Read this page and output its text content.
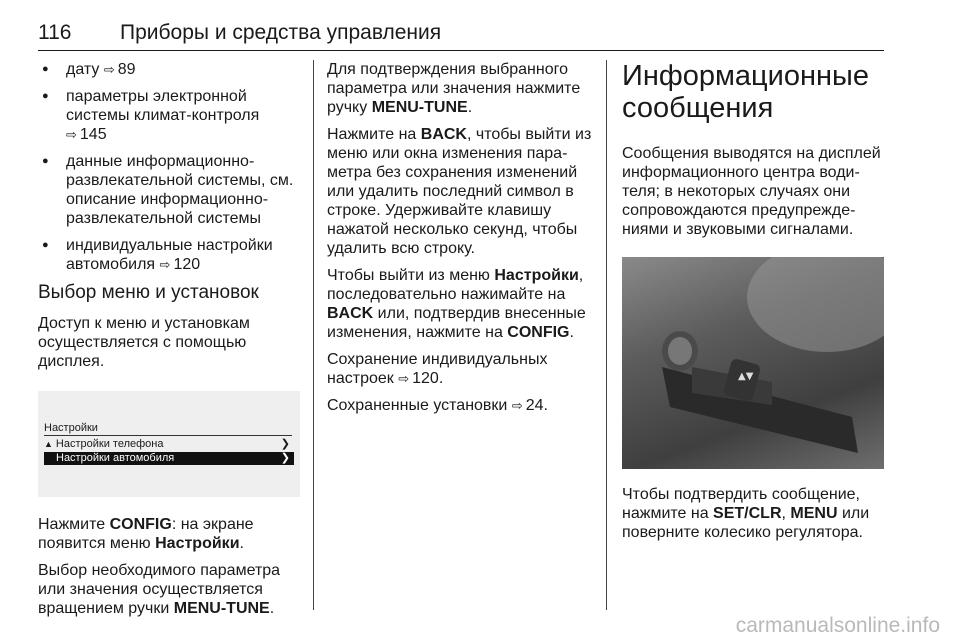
116 Приборы и средства управления
● дату ⇨ 89
● параметры электронной системы климат-контроля
⇨ 145
● данные информационно-развлекательной системы, см. описание информационно-развлекательной системы
● индивидуальные настройки автомобиля ⇨ 120
Выбор меню и установок

Доступ к меню и установкам осуществляется с помощью дисплея.

Настройки
▲ Настройки телефона	❯
Настройки автомобиля	❯

Нажмите CONFIG: на экране появится меню Настройки.

Выбор необходимого параметра или значения осуществляется вращением ручки MENU-TUNE.

Для подтверждения выбранного параметра или значения нажмите ручку MENU-TUNE.

Нажмите на BACK, чтобы выйти из меню или окна изменения пара-метра без сохранения изменений или удалить последний символ в строке. Удерживайте клавишу нажатой несколько секунд, чтобы удалить всю строку.

Чтобы выйти из меню Настройки, последовательно нажимайте на BACK или, подтвердив внесенные изменения, нажмите на CONFIG.

Сохранение индивидуальных настроек ⇨ 120.

Сохраненные установки ⇨ 24.

Информационные сообщения

Сообщения выводятся на дисплей информационного центра води-теля; в некоторых случаях они сопровождаются предупрежде-ниями и звуковыми сигналами.

▲▼

Чтобы подтвердить сообщение, нажмите на SET/CLR, MENU или поверните колесико регулятора.

carmanualsonline.info
